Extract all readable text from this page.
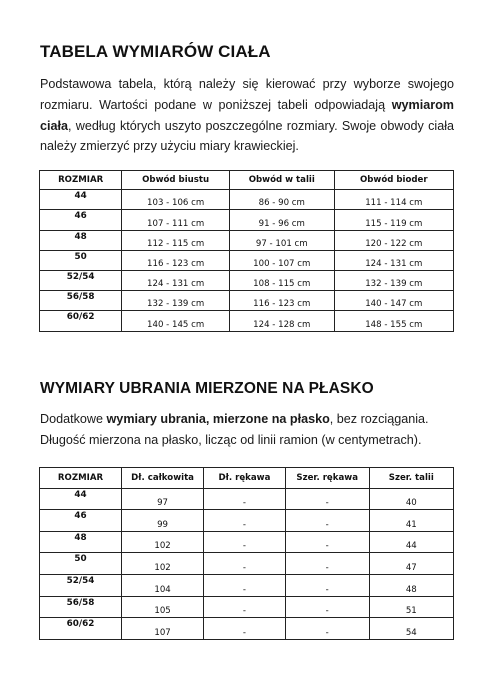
TABELA WYMIARÓW CIAŁA

Podstawowa tabela, którą należy się kierować przy wyborze swojego rozmiaru. Wartości podane w poniższej tabeli odpowiadają wymiarom ciała, według których uszyto poszczególne rozmiary. Swoje obwody ciała należy zmierzyć przy użyciu miary krawieckiej.

ROZMIAR	Obwód biustu	Obwód w talii	Obwód bioder
44	103 - 106 cm	86 - 90 cm	111 - 114 cm
46	107 - 111 cm	91 - 96 cm	115 - 119 cm
48	112 - 115 cm	97 - 101 cm	120 - 122 cm
50	116 - 123 cm	100 - 107 cm	124 - 131 cm
52/54	124 - 131 cm	108 - 115 cm	132 - 139 cm
56/58	132 - 139 cm	116 - 123 cm	140 - 147 cm
60/62	140 - 145 cm	124 - 128 cm	148 - 155 cm
WYMIARY UBRANIA MIERZONE NA PŁASKO

Dodatkowe wymiary ubrania, mierzone na płasko, bez rozciągania. Długość mierzona na płasko, licząc od linii ramion (w centymetrach).

ROZMIAR	Dł. całkowita	Dł. rękawa	Szer. rękawa	Szer. talii
44	97	-	-	40
46	99	-	-	41
48	102	-	-	44
50	102	-	-	47
52/54	104	-	-	48
56/58	105	-	-	51
60/62	107	-	-	54
